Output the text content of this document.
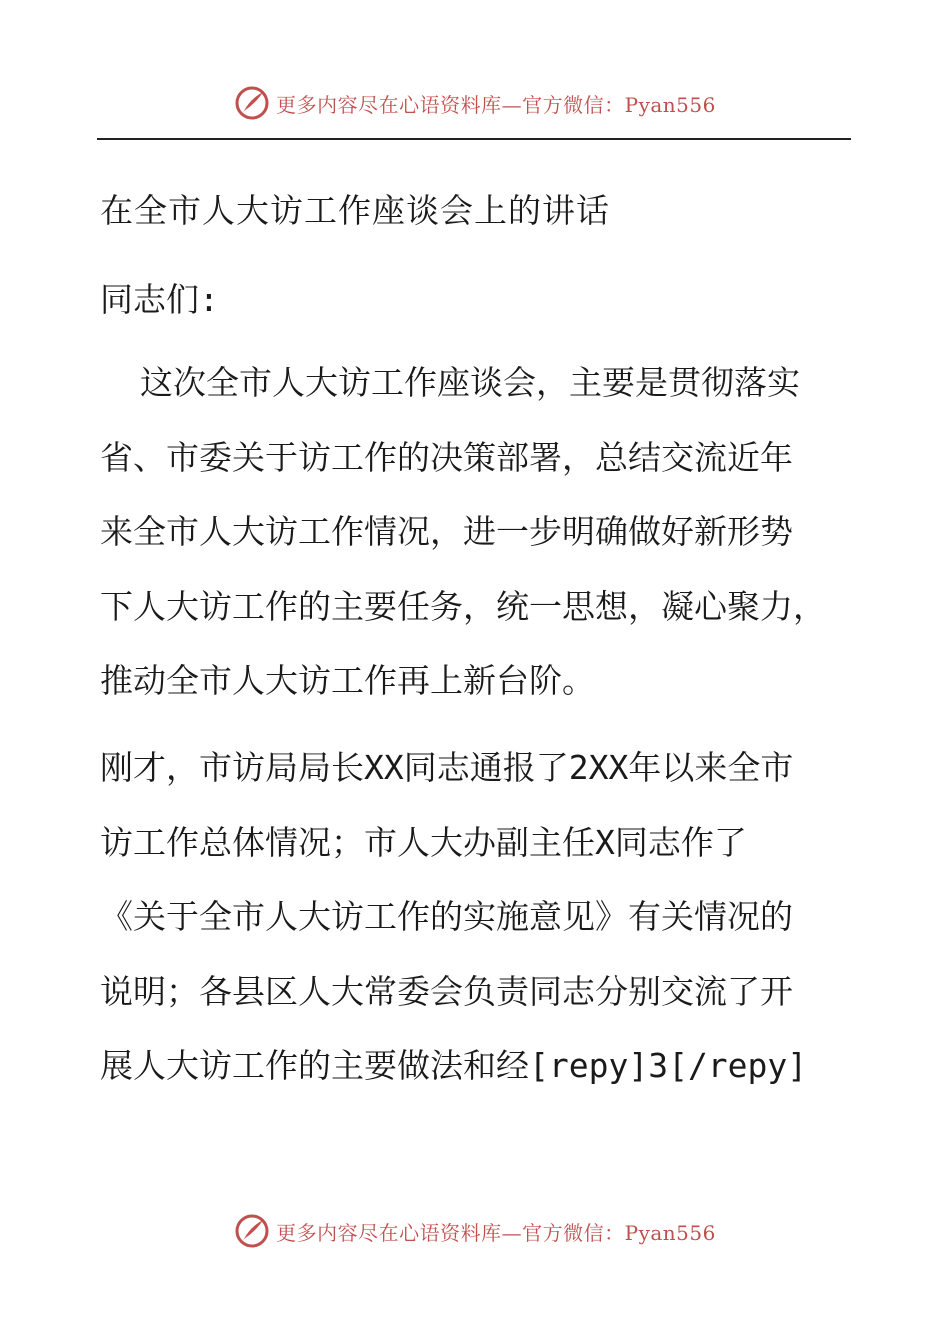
更多内容尽在心语资料库—官方微信：Pyan556
在全市人大访工作座谈会上的讲话
同志们:
这次全市人大访工作座谈会，主要是贯彻落实
省、市委关于访工作的决策部署，总结交流近年
来全市人大访工作情况，进一步明确做好新形势
下人大访工作的主要任务，统一思想，凝心聚力，
推动全市人大访工作再上新台阶。
刚才，市访局局长XX同志通报了2XX年以来全市
访工作总体情况；市人大办副主任X同志作了
《关于全市人大访工作的实施意见》有关情况的
说明；各县区人大常委会负责同志分别交流了开
展人大访工作的主要做法和经[repy]3[/repy]
更多内容尽在心语资料库—官方微信：Pyan556
